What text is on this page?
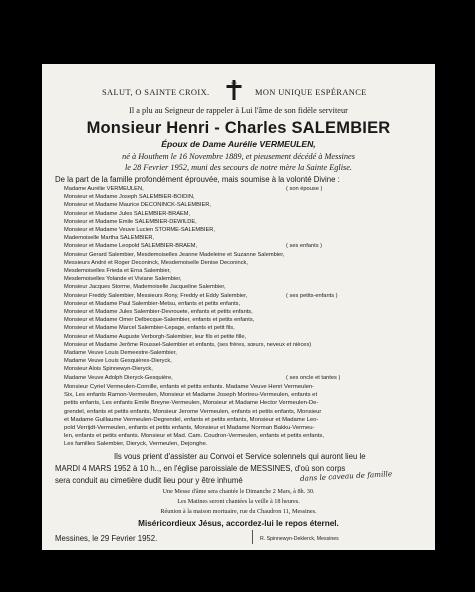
SALUT, O SAINTE CROIX.	MON UNIQUE ESPÉRANCE
Il a plu au Seigneur de rappeler à Lui l'âme de son fidèle serviteur
Monsieur Henri - Charles SALEMBIER
Époux de Dame Aurélie VERMEULEN,
né à Houthem le 16 Novembre 1889, et pieusement décédé à Messines
le 28 Fevrier 1952, muni des secours de notre mère la Sainte Eglise.
De la part de la famille profondément éprouvée, mais soumise à la volonté Divine :
Madame Aurélie VERMEULEN,	( son épouse )
Monsieur et Madame Joseph SALEMBIER-BOIDIN,
Monsieur et Madame Maurice DECONINCK-SALEMBIER,
Monsieur et Madame Jules SALEMBIER-BRAEM,
Monsieur et Madame Emile SALEMBIER-DEWILDE,
Monsieur et Madame Veuve Lucien STORME-SALEMBIER,
Mademoiselle Martha SALEMBIER,
Monsieur et Madame Leopold SALEMBIER-BRAEM,	( ses enfants )
Monsieur Gerard Salembier, Mesdemoiselles Jeanne Madeleine et Suzanne Salembier,
Messieurs André et Roger Deconinck, Mesdemoiselle Denise Deconinck,
Mesdemoiselles Frieda et Erna Salembier,
Mesdemoiselles Yolande et Viviane Salembier,
Monsieur Jacques Storme, Mademoiselle Jacqueline Salembier,
Monsieur Freddy Salembier, Messieurs Rony, Freddy et Eddy Salembier,	( ses petits-enfants )
Monsieur et Madame Paul Salembier-Metsu, enfants et petits enfants,
Monsieur et Madame Jules Salembier-Devrouete, enfants et petits enfants,
Monsieur et Madame Omer Delbecque-Salembier, enfants et petits enfants,
Monsieur et Madame Marcel Salembier-Lepage, enfants et petit fils,
Monsieur et Madame Auguste Verborgh-Salembier, leur fils et petite fille,
Monsieur et Madame Jerôme Roussel-Salembier et enfants, (ses frères, sœurs, neveux et nièces)
Madame Veuve Louis Demeestre-Salembier,
Madame Veuve Louis Gesquières-Dieryck,
Monsieur Alois Spinnewyn-Dieryck,
Madame Veuve Adolph Dieryck-Gesquière,	( ses oncle et tantes )
Monsieur Cyriel Vermeulen-Cornille, enfants et petits enfants. Madame Veuve Henri Vermeulen-
Six, Les enfants Ramon-Vermeulen, Monsieur et Madame Joseph Mortreu-Vermeulen, enfants et
petits enfants, Les enfants Emile Breyne-Vermeulen, Monsieur et Madame Hector Vermeulen-De-
grendel, enfants et petits enfants, Monsieur Jerome Vermeulen, enfants et petits enfants, Monsieur
et Madame Guillaume Vermeulen-Degrendel, enfants et petits enfants, Monsieur et Madame Leo-
pold Verrijdt-Vermeulen, enfants et petits enfants, Monsieur et Madame Norman Bakku-Vermeu-
len, enfants et petits enfants. Monsieur et Mad. Cam. Coudron-Vermeulen, enfants et petits enfants,
Les familles Salembier, Dieryck, Vermeulen, Dejonghe.
Ils vous prient d'assister au Convoi et Service solennels qui auront lieu le
MARDI 4 MARS 1952 à 10 h.., en l'église paroissiale de MESSINES, d'où son corps
sera conduit au cimetière dudit lieu pour y être inhumé	dans le caveau de famille
Une Messe d'âme sera chantée le Dimanche 2 Mars, à 8h. 30.
Les Matines seront chantées la veille à 18 heures.
Réunion à la maison mortuaire, rue du Chaudron 11, Messines.
Miséricordieux Jésus, accordez-lui le repos éternel.
Messines, le 29 Fevrier 1952.	R. Spinnewyn-Deklerck, Messines
